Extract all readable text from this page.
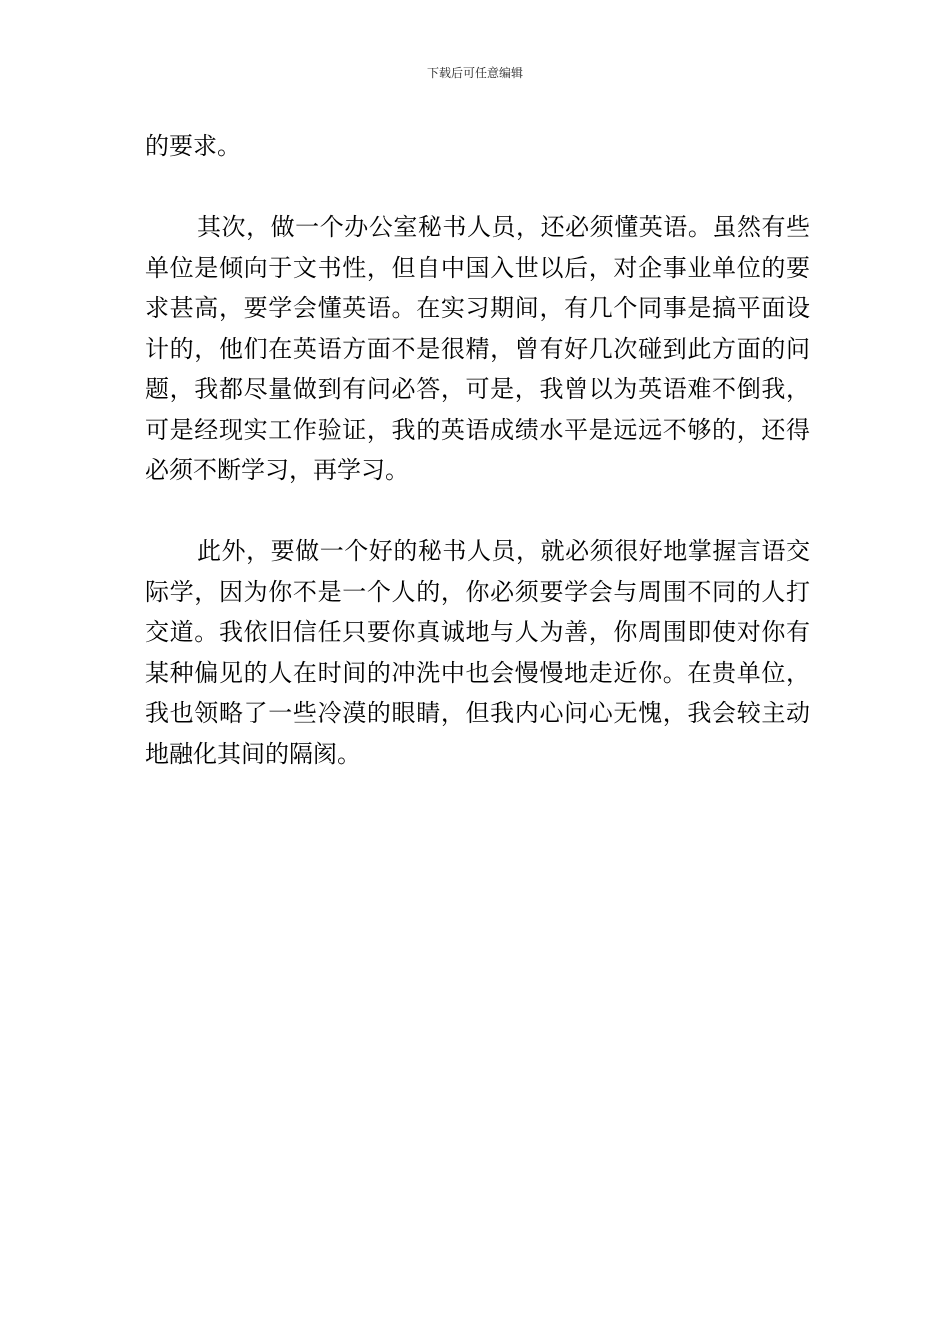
下载后可任意编辑

的要求。

其次，做一个办公室秘书人员，还必须懂英语。虽然有些单位是倾向于文书性，但自中国入世以后，对企事业单位的要求甚高，要学会懂英语。在实习期间，有几个同事是搞平面设计的，他们在英语方面不是很精，曾有好几次碰到此方面的问题，我都尽量做到有问必答，可是，我曾以为英语难不倒我，可是经现实工作验证，我的英语成绩水平是远远不够的，还得必须不断学习，再学习。

此外，要做一个好的秘书人员，就必须很好地掌握言语交际学，因为你不是一个人的，你必须要学会与周围不同的人打交道。我依旧信任只要你真诚地与人为善，你周围即使对你有某种偏见的人在时间的冲洗中也会慢慢地走近你。在贵单位，我也领略了一些冷漠的眼睛，但我内心问心无愧，我会较主动地融化其间的隔阂。
